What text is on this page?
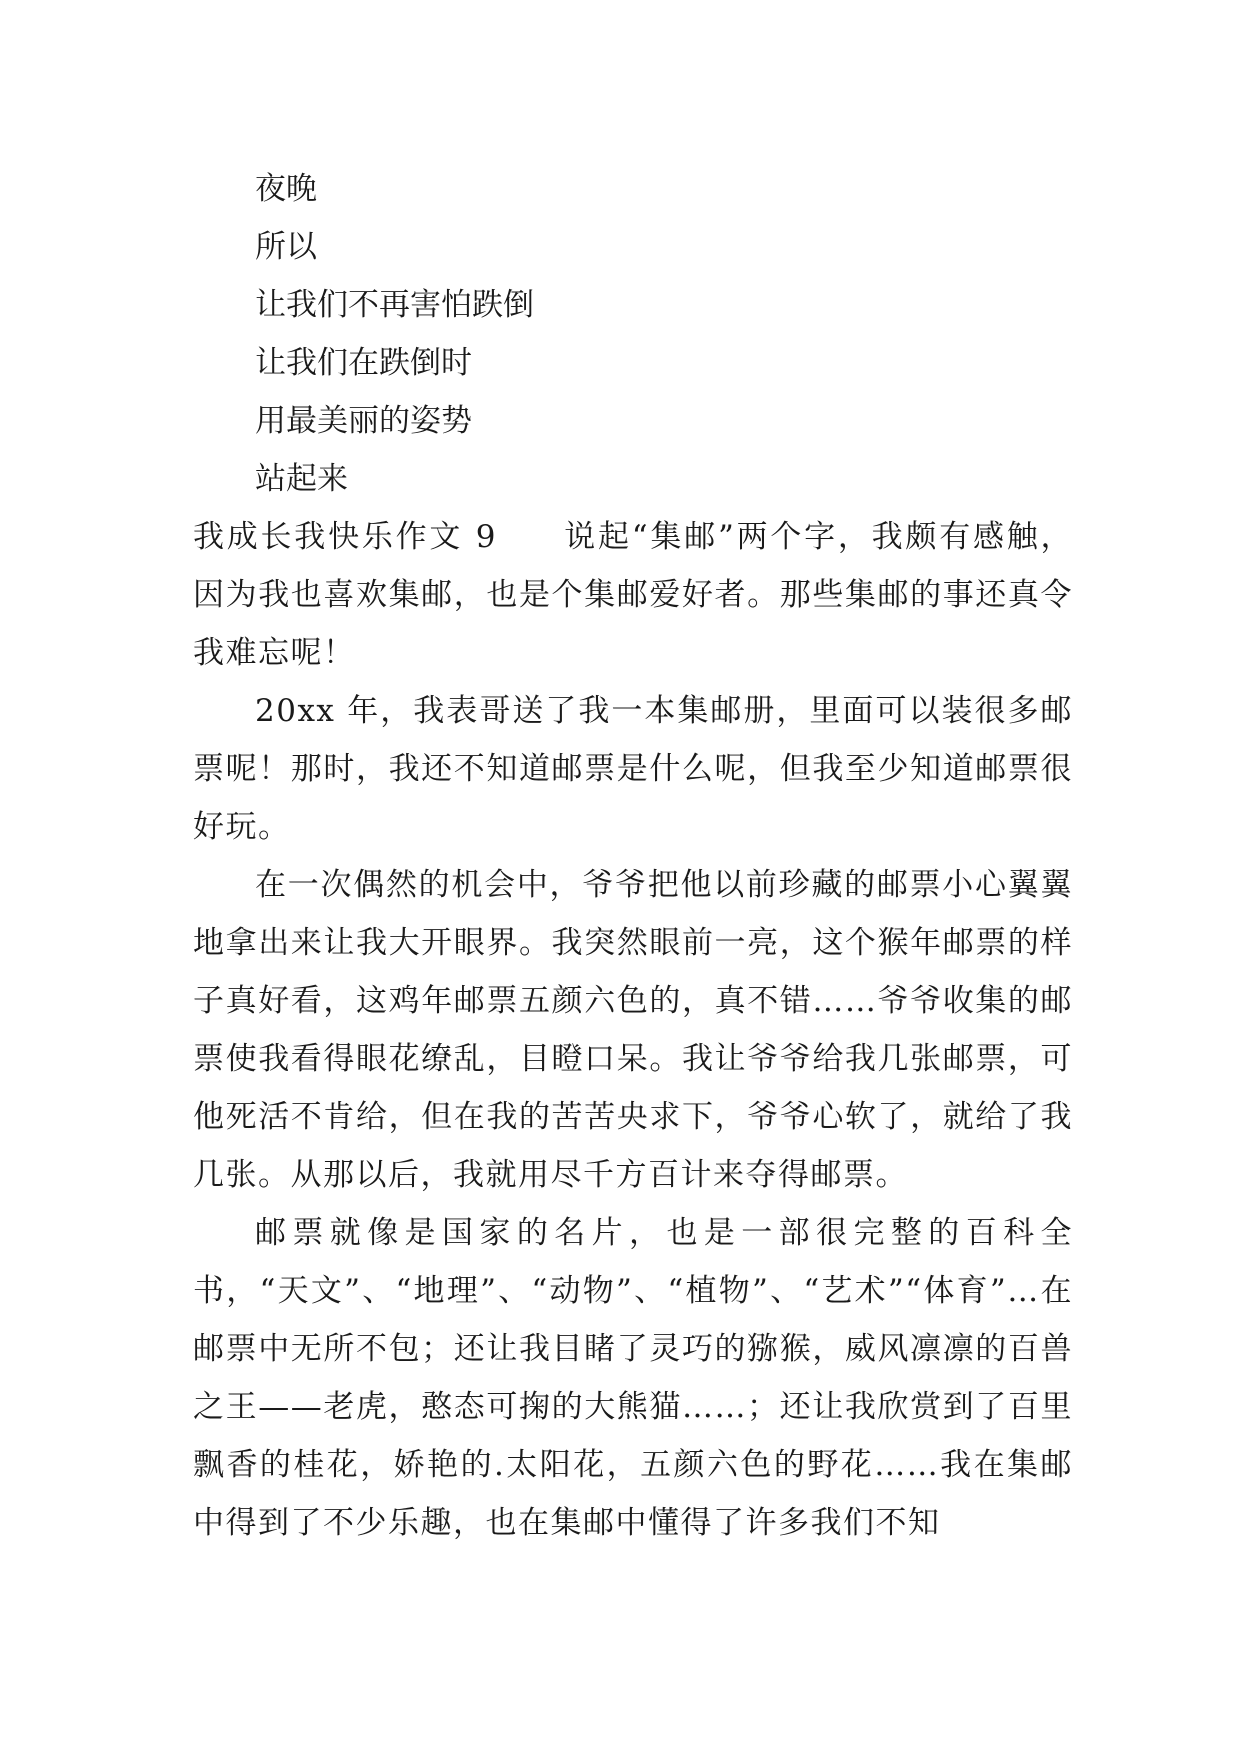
夜晚
所以
让我们不再害怕跌倒
让我们在跌倒时
用最美丽的姿势
站起来

我成长我快乐作文 9 说起“集邮”两个字，我颇有感触，因为我也喜欢集邮，也是个集邮爱好者。那些集邮的事还真令我难忘呢！

20xx 年，我表哥送了我一本集邮册，里面可以装很多邮票呢！那时，我还不知道邮票是什么呢，但我至少知道邮票很好玩。

在一次偶然的机会中，爷爷把他以前珍藏的邮票小心翼翼地拿出来让我大开眼界。我突然眼前一亮，这个猴年邮票的样子真好看，这鸡年邮票五颜六色的，真不错……爷爷收集的邮票使我看得眼花缭乱，目瞪口呆。我让爷爷给我几张邮票，可他死活不肯给，但在我的苦苦央求下，爷爷心软了，就给了我几张。从那以后，我就用尽千方百计来夺得邮票。

邮票就像是国家的名片，也是一部很完整的百科全书，“天文”、“地理”、“动物”、“植物”、“艺术”“体育”…在邮票中无所不包；还让我目睹了灵巧的猕猴，威风凛凛的百兽之王——老虎，憨态可掬的大熊猫……；还让我欣赏到了百里飘香的桂花，娇艳的.太阳花，五颜六色的野花……我在集邮中得到了不少乐趣，也在集邮中懂得了许多我们不知
